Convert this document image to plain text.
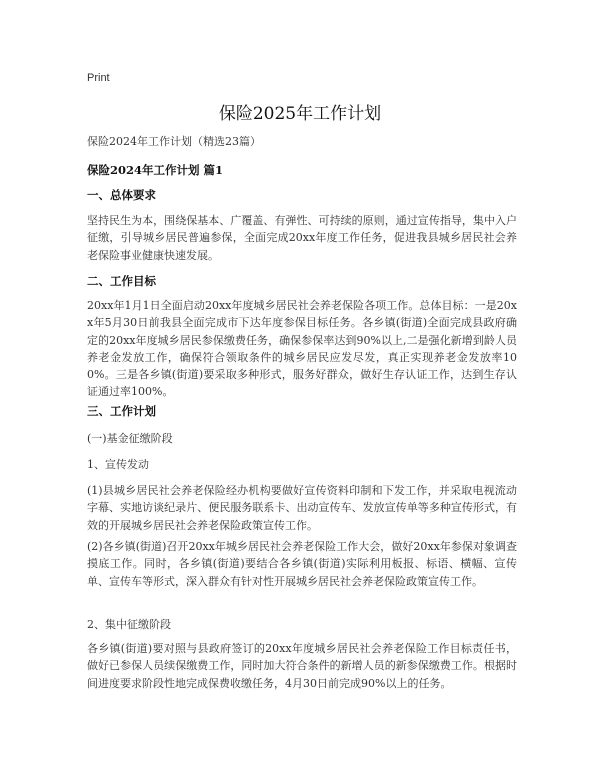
Print
保险2025年工作计划
保险2024年工作计划（精选23篇）
保险2024年工作计划 篇1
一、总体要求

坚持民生为本，围绕保基本、广覆盖、有弹性、可持续的原则，通过宣传指导，集中入户征缴，引导城乡居民普遍参保，全面完成20xx年度工作任务，促进我县城乡居民社会养老保险事业健康快速发展。

二、工作目标

20xx年1月1日全面启动20xx年度城乡居民社会养老保险各项工作。总体目标：一是20xx年5月30日前我县全面完成市下达年度参保目标任务。各乡镇(街道)全面完成县政府确定的20xx年度城乡居民参保缴费任务，确保参保率达到90%以上,二是强化新增到龄人员养老金发放工作，确保符合领取条件的城乡居民应发尽发，真正实现养老金发放率100%。三是各乡镇(街道)要采取多种形式，服务好群众，做好生存认证工作，达到生存认证通过率100%。

三、工作计划
(一)基金征缴阶段
1、宣传发动

(1)县城乡居民社会养老保险经办机构要做好宣传资料印制和下发工作，并采取电视流动字幕、实地访谈纪录片、便民服务联系卡、出动宣传车、发放宣传单等多种宣传形式，有效的开展城乡居民社会养老保险政策宣传工作。

(2)各乡镇(街道)召开20xx年城乡居民社会养老保险工作大会，做好20xx年参保对象调查摸底工作。同时，各乡镇(街道)要结合各乡镇(街道)实际利用板报、标语、横幅、宣传单、宣传车等形式，深入群众有针对性开展城乡居民社会养老保险政策宣传工作。

2、集中征缴阶段

各乡镇(街道)要对照与县政府签订的20xx年度城乡居民社会养老保险工作目标责任书，做好已参保人员续保缴费工作，同时加大符合条件的新增人员的新参保缴费工作。根据时间进度要求阶段性地完成保费收缴任务，4月30日前完成90%以上的任务。
